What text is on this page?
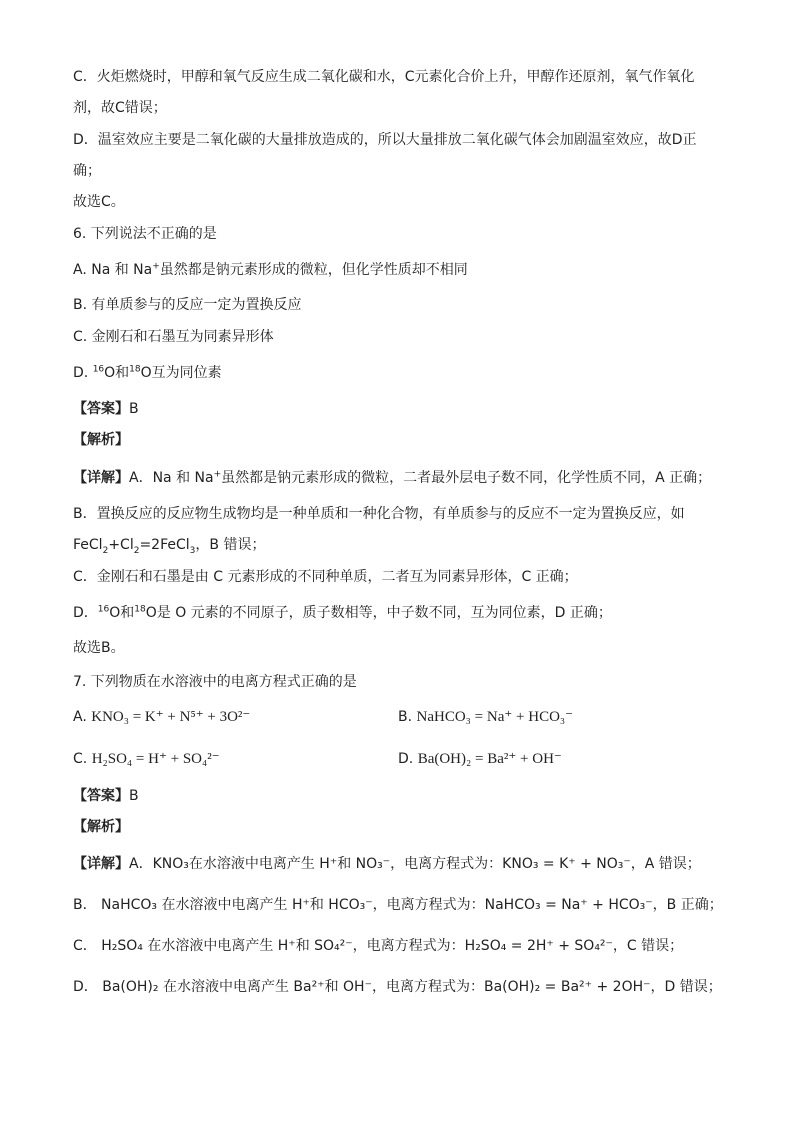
C．火炬燃烧时，甲醇和氧气反应生成二氧化碳和水，C元素化合价上升，甲醇作还原剂，氧气作氧化
剂，故C错误；
D．温室效应主要是二氧化碳的大量排放造成的，所以大量排放二氧化碳气体会加剧温室效应，故D正
确；
故选C。
6. 下列说法不正确的是
A. Na 和 Na+虽然都是钠元素形成的微粒，但化学性质却不相同
B. 有单质参与的反应一定为置换反应
C. 金刚石和石墨互为同素异形体
D. $^{16}$O和$^{18}$O互为同位素
【答案】B
【解析】
【详解】A．Na 和 Na+虽然都是钠元素形成的微粒，二者最外层电子数不同，化学性质不同，A 正确；
B．置换反应的反应物生成物均是一种单质和一种化合物，有单质参与的反应不一定为置换反应，如
$FeCl_2+Cl_2=2FeCl_3$，B 错误；
C．金刚石和石墨是由 C 元素形成的不同种单质，二者互为同素异形体，C 正确；
D．$^{16}$O和$^{18}$O是 O 元素的不同原子，质子数相等，中子数不同，互为同位素，D 正确；
故选B。
7. 下列物质在水溶液中的电离方程式正确的是
A. KNO₃ = K⁺ + N⁵⁺ + 3O²⁻	B. NaHCO₃ = Na⁺ + HCO₃⁻
C. H₂SO₄ = H⁺ + SO₄²⁻	D. Ba(OH)₂ = Ba²⁺ + OH⁻
【答案】B
【解析】
【详解】A．KNO₃在水溶液中电离产生 H⁺和 NO₃⁻，电离方程式为：KNO₃ = K⁺ + NO₃⁻，A 错误；
B． NaHCO₃ 在水溶液中电离产生 H⁺和 HCO₃⁻，电离方程式为：NaHCO₃ = Na⁺ + HCO₃⁻，B 正确；
C． H₂SO₄ 在水溶液中电离产生 H⁺和 SO₄²⁻，电离方程式为：H₂SO₄ = 2H⁺ + SO₄²⁻，C 错误；
D． Ba(OH)₂ 在水溶液中电离产生 Ba²⁺和 OH⁻，电离方程式为：Ba(OH)₂ = Ba²⁺ + 2OH⁻，D 错误；
